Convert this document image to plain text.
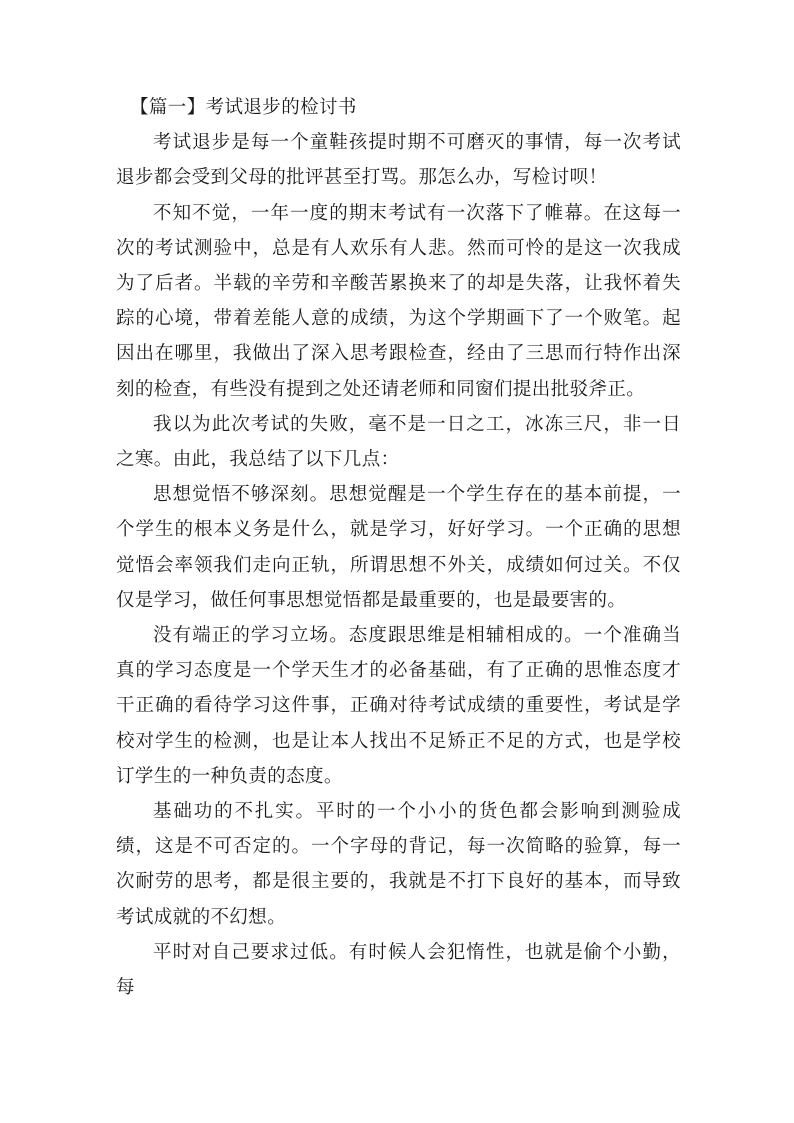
【篇一】考试退步的检讨书

考试退步是每一个童鞋孩提时期不可磨灭的事情，每一次考试退步都会受到父母的批评甚至打骂。那怎么办，写检讨呗！

不知不觉，一年一度的期末考试有一次落下了帷幕。在这每一次的考试测验中，总是有人欢乐有人悲。然而可怜的是这一次我成为了后者。半载的辛劳和辛酸苦累换来了的却是失落，让我怀着失踪的心境，带着差能人意的成绩，为这个学期画下了一个败笔。起因出在哪里，我做出了深入思考跟检查，经由了三思而行特作出深刻的检查，有些没有提到之处还请老师和同窗们提出批驳斧正。

我以为此次考试的失败，毫不是一日之工，冰冻三尺，非一日之寒。由此，我总结了以下几点：

思想觉悟不够深刻。思想觉醒是一个学生存在的基本前提，一个学生的根本义务是什么，就是学习，好好学习。一个正确的思想觉悟会率领我们走向正轨，所谓思想不外关，成绩如何过关。不仅仅是学习，做任何事思想觉悟都是最重要的，也是最要害的。

没有端正的学习立场。态度跟思维是相辅相成的。一个准确当真的学习态度是一个学天生才的必备基础，有了正确的思惟态度才干正确的看待学习这件事，正确对待考试成绩的重要性，考试是学校对学生的检测，也是让本人找出不足矫正不足的方式，也是学校订学生的一种负责的态度。

基础功的不扎实。平时的一个小小的货色都会影响到测验成绩，这是不可否定的。一个字母的背记，每一次简略的验算，每一次耐劳的思考，都是很主要的，我就是不打下良好的基本，而导致考试成就的不幻想。

平时对自己要求过低。有时候人会犯惰性，也就是偷个小勤，每
